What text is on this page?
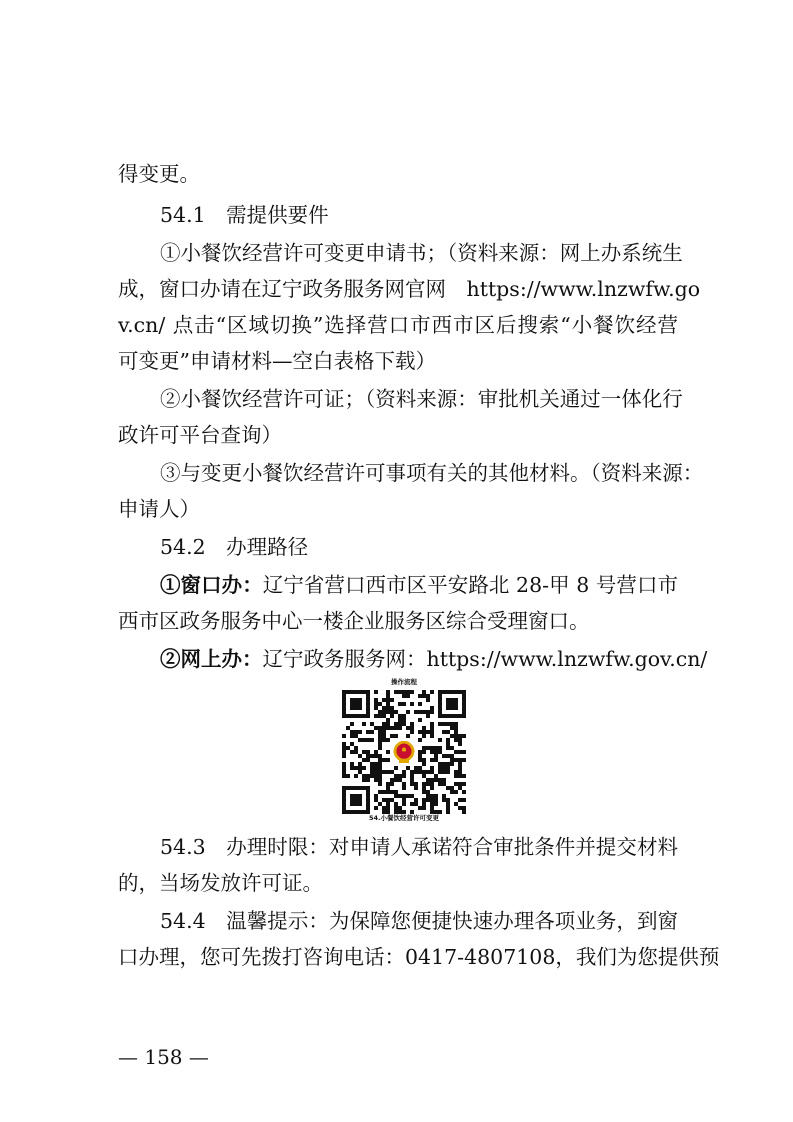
得变更。
54.1　需提供要件
①小餐饮经营许可变更申请书；（资料来源：网上办系统生
成，窗口办请在辽宁政务服务网官网　https://www.lnzwfw.go
v.cn/ 点击“区域切换”选择营口市西市区后搜索“小餐饮经营
可变更”申请材料—空白表格下载）
②小餐饮经营许可证；（资料来源：审批机关通过一体化行
政许可平台查询）
③与变更小餐饮经营许可事项有关的其他材料。（资料来源：
申请人）
54.2　办理路径
①窗口办：辽宁省营口西市区平安路北 28-甲 8 号营口市
西市区政务服务中心一楼企业服务区综合受理窗口。
②网上办：辽宁政务服务网：https://www.lnzwfw.gov.cn/
操作流程
54.小餐饮经营许可变更
54.3　办理时限：对申请人承诺符合审批条件并提交材料
的，当场发放许可证。
54.4　温馨提示：为保障您便捷快速办理各项业务，到窗
口办理，您可先拨打咨询电话：0417-4807108，我们为您提供预
— 158 —
